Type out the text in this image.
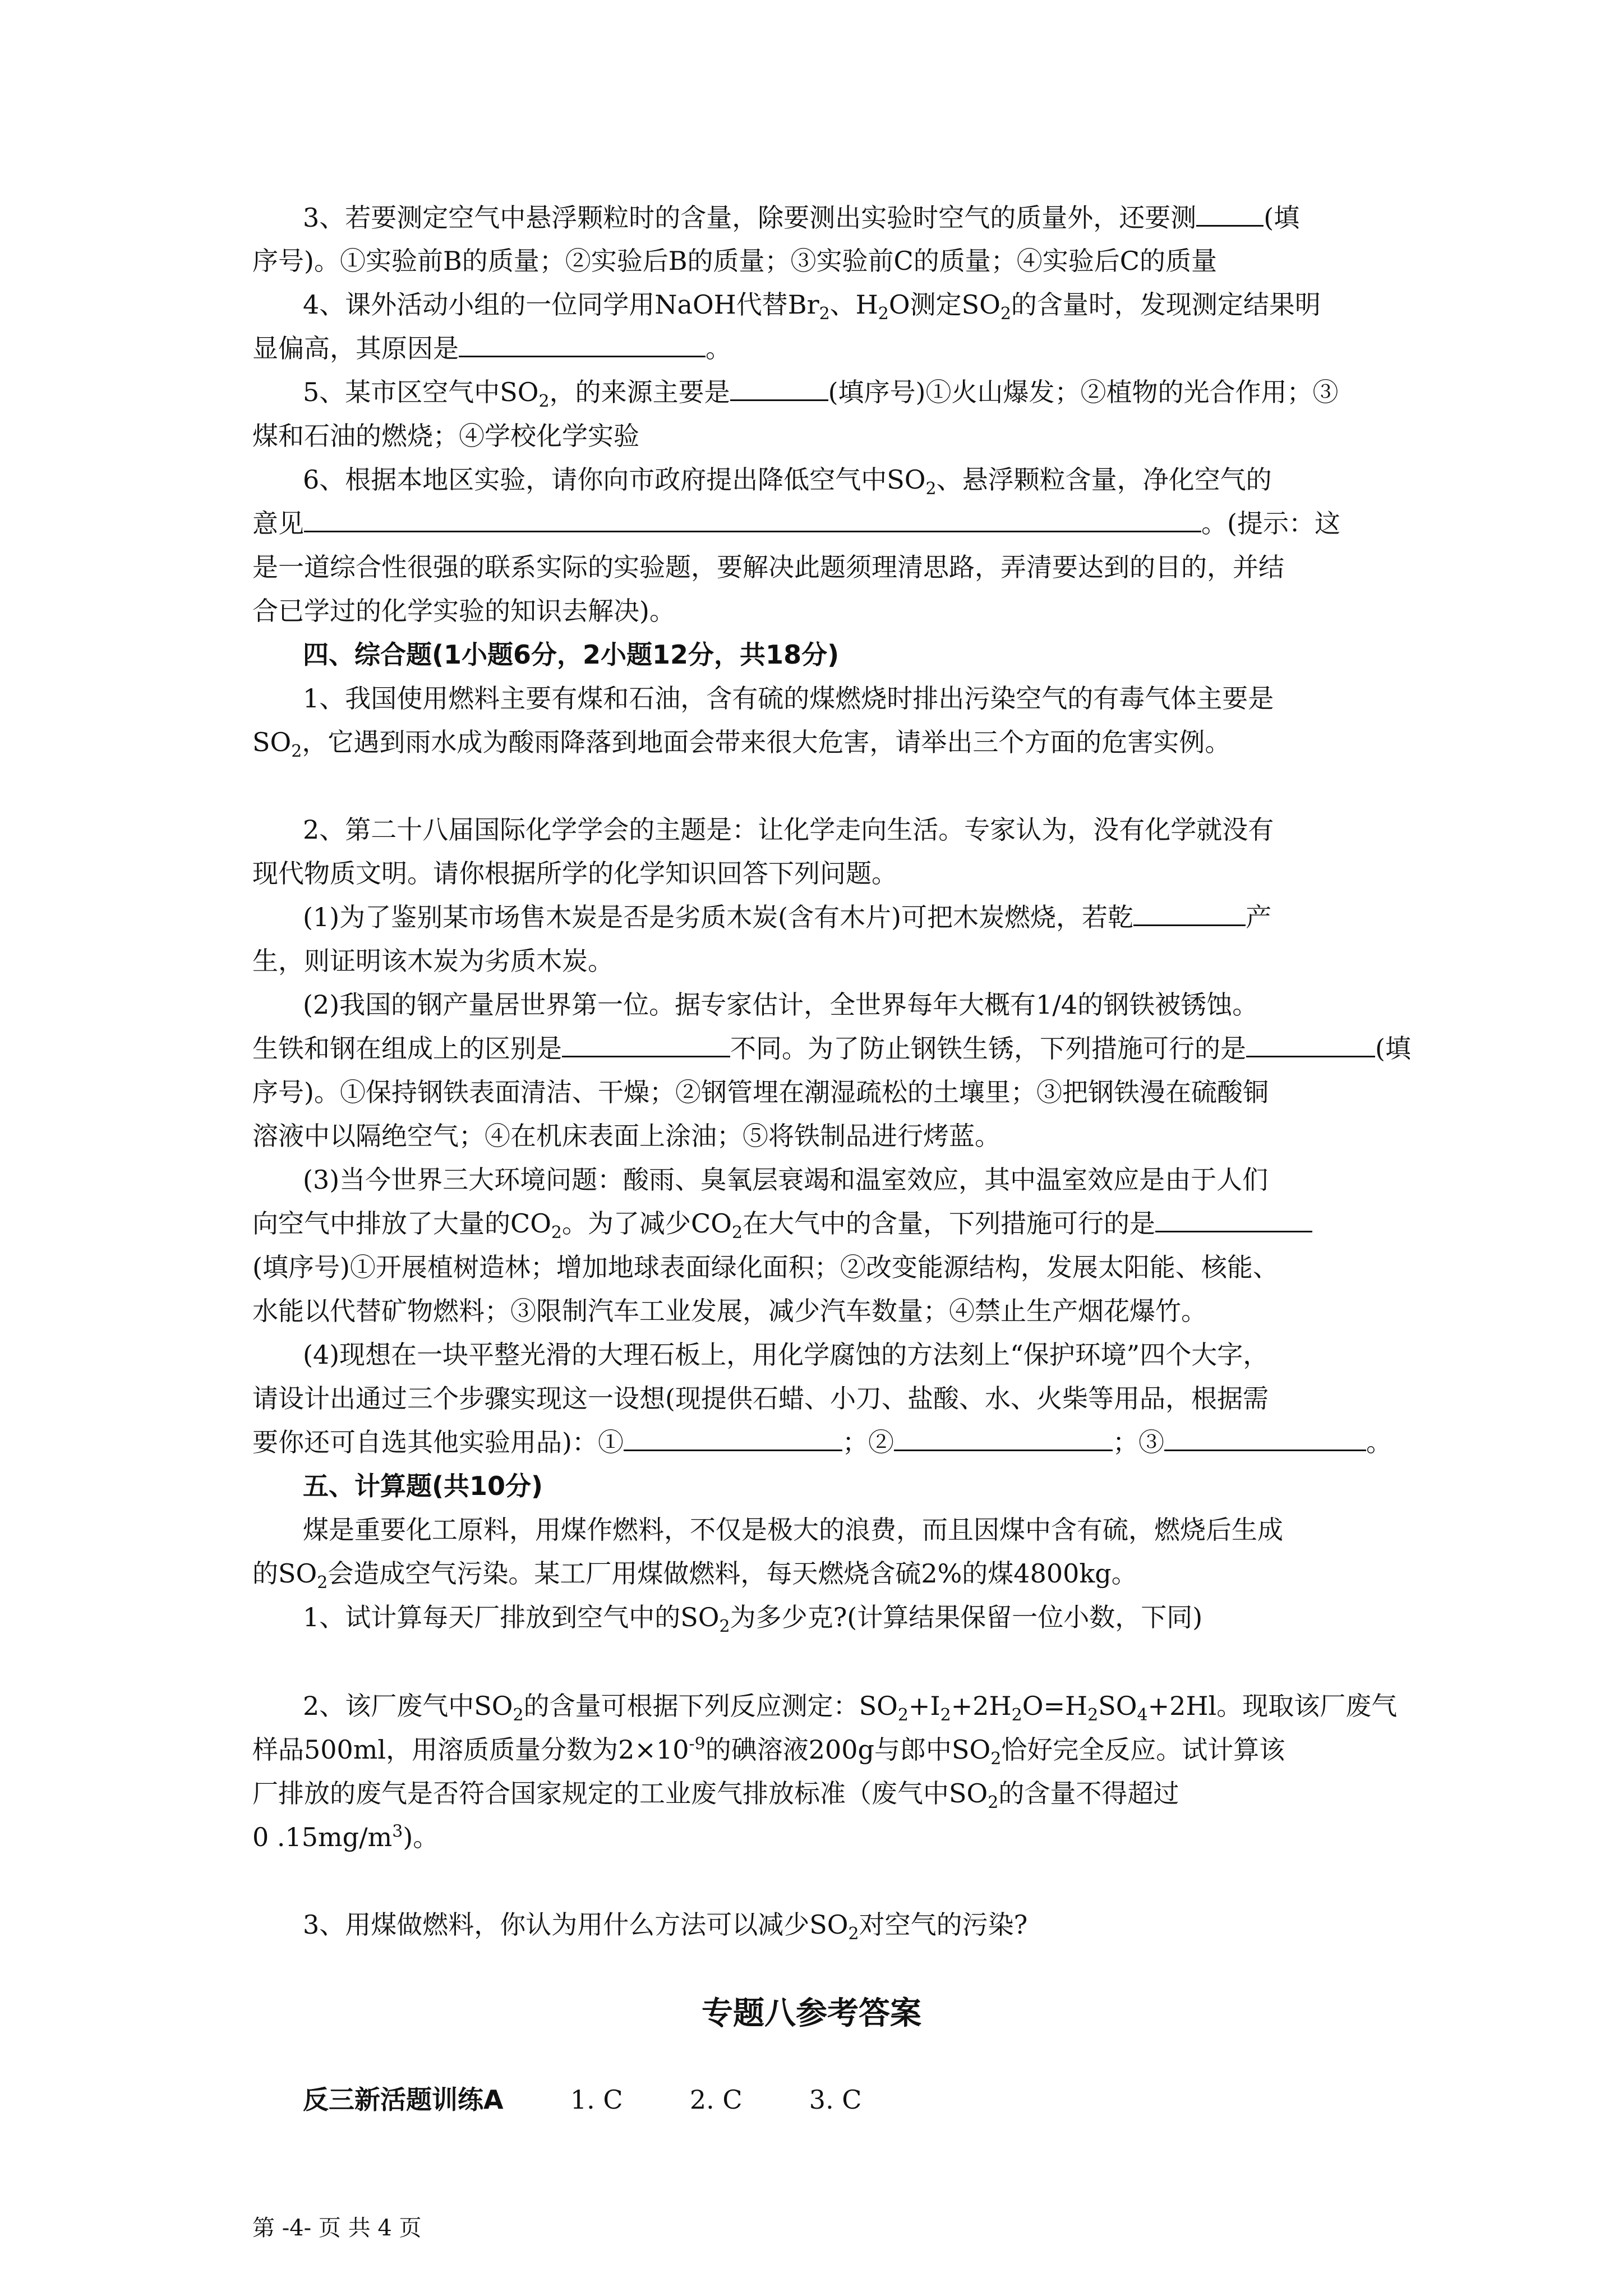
3、若要测定空气中悬浮颗粒时的含量，除要测出实验时空气的质量外，还要测	(填
序号)。①实验前B的质量；②实验后B的质量；③实验前C的质量；④实验后C的质量
4、课外活动小组的一位同学用NaOH代替$Br_2$、$H_2O$测定$SO_2$的含量时，发现测定结果明
显偏高，其原因是	。
5、某市区空气中$SO_2$，的来源主要是	(填序号)①火山爆发；②植物的光合作用；③
煤和石油的燃烧；④学校化学实验
6、根据本地区实验，请你向市政府提出降低空气中$SO_2$、悬浮颗粒含量，净化空气的
意见	。(提示：这
是一道综合性很强的联系实际的实验题，要解决此题须理清思路，弄清要达到的目的，并结
合已学过的化学实验的知识去解决)。
四、综合题(1小题6分，2小题12分，共18分)
1、我国使用燃料主要有煤和石油，含有硫的煤燃烧时排出污染空气的有毒气体主要是
$SO_2$，它遇到雨水成为酸雨降落到地面会带来很大危害，请举出三个方面的危害实例。
2、第二十八届国际化学学会的主题是：让化学走向生活。专家认为，没有化学就没有
现代物质文明。请你根据所学的化学知识回答下列问题。
(1)为了鉴别某市场售木炭是否是劣质木炭(含有木片)可把木炭燃烧，若乾	产
生，则证明该木炭为劣质木炭。
(2)我国的钢产量居世界第一位。据专家估计，全世界每年大概有1/4的钢铁被锈蚀。
生铁和钢在组成上的区别是	不同。为了防止钢铁生锈，下列措施可行的是	(填
序号)。①保持钢铁表面清洁、干燥；②钢管埋在潮湿疏松的土壤里；③把钢铁漫在硫酸铜
溶液中以隔绝空气；④在机床表面上涂油；⑤将铁制品进行烤蓝。
(3)当今世界三大环境问题：酸雨、臭氧层衰竭和温室效应，其中温室效应是由于人们
向空气中排放了大量的$CO_2$。为了减少$CO_2$在大气中的含量，下列措施可行的是
(填序号)①开展植树造林；增加地球表面绿化面积；②改变能源结构，发展太阳能、核能、
水能以代替矿物燃料；③限制汽车工业发展，减少汽车数量；④禁止生产烟花爆竹。
(4)现想在一块平整光滑的大理石板上，用化学腐蚀的方法刻上“保护环境”四个大字，
请设计出通过三个步骤实现这一设想(现提供石蜡、小刀、盐酸、水、火柴等用品，根据需
要你还可自选其他实验用品)：①	；②	；③	。
五、计算题(共10分)
煤是重要化工原料，用煤作燃料，不仅是极大的浪费，而且因煤中含有硫，燃烧后生成
的$SO_2$会造成空气污染。某工厂用煤做燃料，每天燃烧含硫2%的煤4800kg。
1、试计算每天厂排放到空气中的$SO_2$为多少克?(计算结果保留一位小数，下同)
2、该厂废气中$SO_2$的含量可根据下列反应测定：$SO_2+I_2+2H_2O=H_2SO_4+2Hl$。现取该厂废气
样品500ml，用溶质质量分数为$2\times 10^{-9}$的碘溶液200g与郎中$SO_2$恰好完全反应。试计算该
厂排放的废气是否符合国家规定的工业废气排放标准（废气中$SO_2$的含量不得超过
0 $.15mg/m^3$)。
3、用煤做燃料，你认为用什么方法可以减少$SO_2$对空气的污染?
专题八参考答案
反三新活题训练A	1. C	2. C	3. C
第 -4- 页 共 4 页
